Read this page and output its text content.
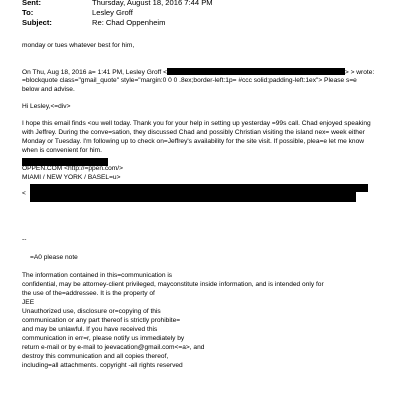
Sent:	Thursday, August 18, 2016 7:44 PM
To:	Lesley Groff
Subject:	Re: Chad Oppenheim
monday or tues whatever best for him,
On Thu, Aug 18, 2016 a= 1:41 PM, Lesley Groff <	> > wrote:
=blockquote class="gmail_quote" style="margin:0 0 0 .8ex;border-left:1p= #ccc solid;padding-left:1ex"> Please s=e
below and advise.
Hi Lesley,<=div>
I hope this email finds <ou well today. Thank you for your help in setting up yesterday =99s call. Chad enjoyed speaking
with Jeffrey. During the conve=sation, they discussed Chad and possibly Christian visiting the island nex= week either
Monday or Tuesday. I'm following up to check on=Jeffrey's availability for the site visit. If possible, plea=e let me know
when is convenient for him.
OPPEN.COM <http://=ppen.com/>
MIAMI / NEW YORK / BASEL=u>
<
--
=A0 please note
The information contained in this=communication is
confidential, may be attorney-client privileged, mayconstitute inside information, and is intended only for
the use of the=addressee. It is the property of
JEE
Unauthorized use, disclosure or=copying of this
communication or any part thereof is strictly prohibite=
and may be unlawful. If you have received this
communication in err=r, please notify us immediately by
return e-mail or by e-mail to jeevacation@gmail.com<=a>, and
destroy this communication and all copies thereof,
including=all attachments. copyright -all rights reserved
